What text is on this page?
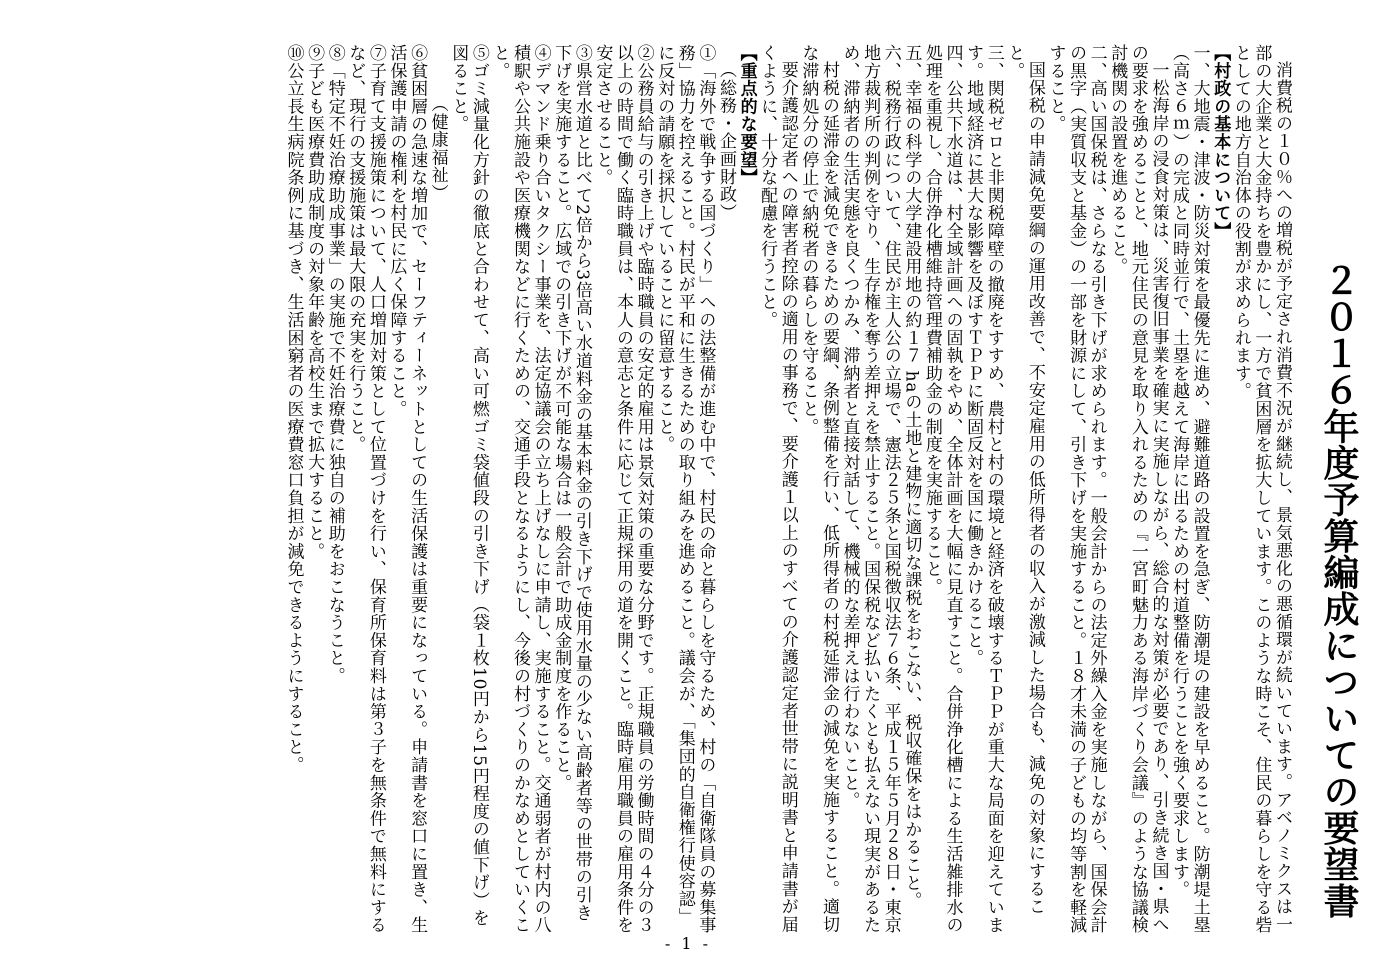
２０１６年度予算編成についての要望書

消費税の１０％への増税が予定され消費不況が継続し、景気悪化の悪循環が続いています。アベノミクスは一部の大企業と大金持ちを豊かにし、一方で貧困層を拡大しています。このような時こそ、住民の暮らしを守る砦としての地方自治体の役割が求められます。

【村政の基本について】

一、大地震・津波・防災対策を最優先に進め、避難道路の設置を急ぎ、防潮堤の建設を早めること。防潮堤土塁（高さ６ｍ）の完成と同時並行で、土塁を越えて海岸に出るための村道整備を行うことを強く要求します。

一松海岸の浸食対策は、災害復旧事業を確実に実施しながら、総合的な対策が必要であり、引き続き国・県への要求を強めることと、地元住民の意見を取り入れるための『一宮町魅力ある海岸づくり会議』のような協議検討機関の設置を進めること。

二、高い国保税は、さらなる引き下げが求められます。一般会計からの法定外繰入金を実施しながら、国保会計の黒字（実質収支と基金）の一部を財源にして、引き下げを実施すること。１８才未満の子どもの均等割を軽減すること。

国保税の申請減免要綱の運用改善で、不安定雇用の低所得者の収入が激減した場合も、減免の対象にすること。

三、関税ゼロと非関税障壁の撤廃をすすめ、農村と村の環境と経済を破壊するＴＰＰが重大な局面を迎えています。地域経済に甚大な影響を及ぼすＴＰＰに断固反対を国に働きかけること。

四、公共下水道は、村全域計画への固執をやめ、全体計画を大幅に見直すこと。合併浄化槽による生活雑排水の処理を重視し、合併浄化槽維持管理費補助金の制度を実施すること。

五、幸福の科学の大学建設用地の約１７ haの土地と建物に適切な課税をおこない、税収確保をはかること。

六、税務行政について、住民が主人公の立場で、憲法２５条と国税徴収法７６条、平成１５年５月２８日・東京地方裁判所の判例を守り、生存権を奪う差押えを禁止すること。国保税など払いたくとも払えない現実があるため、滞納者の生活実態を良くつかみ、滞納者と直接対話して、機械的な差押えは行わないこと。

村税の延滞金を減免できるための要綱、条例整備を行い、低所得者の村税延滞金の減免を実施すること。適切な滞納処分の停止で納税者の暮らしを守ること。

要介護認定者への障害者控除の適用の事務で、要介護１以上のすべての介護認定者世帯に説明書と申請書が届くように、十分な配慮を行うこと。

【重点的な要望】

（総務・企画財政）

①「海外で戦争する国づくり」への法整備が進む中で、村民の命と暮らしを守るため、村の「自衛隊員の募集事務」協力を控えること。村民が平和に生きるための取り組みを進めること。議会が、「集団的自衛権行使容認」に反対の請願を採択していることに留意すること。

②公務員給与の引き上げや臨時職員の安定的雇用は景気対策の重要な分野です。正規職員の労働時間の４分の３以上の時間で働く臨時職員は、本人の意志と条件に応じて正規採用の道を開くこと。臨時雇用職員の雇用条件を安定させること。

③県営水道と比べて2倍から3倍高い水道料金の基本料金の引き下げで使用水量の少ない高齢者等の世帯の引き下げを実施すること。広域での引き下げが不可能な場合は一般会計で助成金制度を作ること。

④デマンド乗り合いタクシー事業を、法定協議会の立ち上げなしに申請し、実施すること。交通弱者が村内の八積駅や公共施設や医療機関などに行くための、交通手段となるようにし、今後の村づくりのかなめとしていくこと。

⑤ゴミ減量化方針の徹底と合わせて、高い可燃ゴミ袋値段の引き下げ（袋１枚10円から15円程度の値下げ）を図ること。

（健康福祉）

⑥貧困層の急速な増加で、セーフティーネットとしての生活保護は重要になっている。申請書を窓口に置き、生活保護申請の権利を村民に広く保障すること。

⑦子育て支援施策について、人口増加対策として位置づけを行い、保育所保育料は第３子を無条件で無料にするなど、現行の支援施策は最大限の充実を行うこと。

⑧「特定不妊治療助成事業」の実施で不妊治療費に独自の補助をおこなうこと。

⑨子ども医療費助成制度の対象年齢を高校生まで拡大すること。

⑩公立長生病院条例に基づき、生活困窮者の医療費窓口負担が減免できるようにすること。

- 1 -
